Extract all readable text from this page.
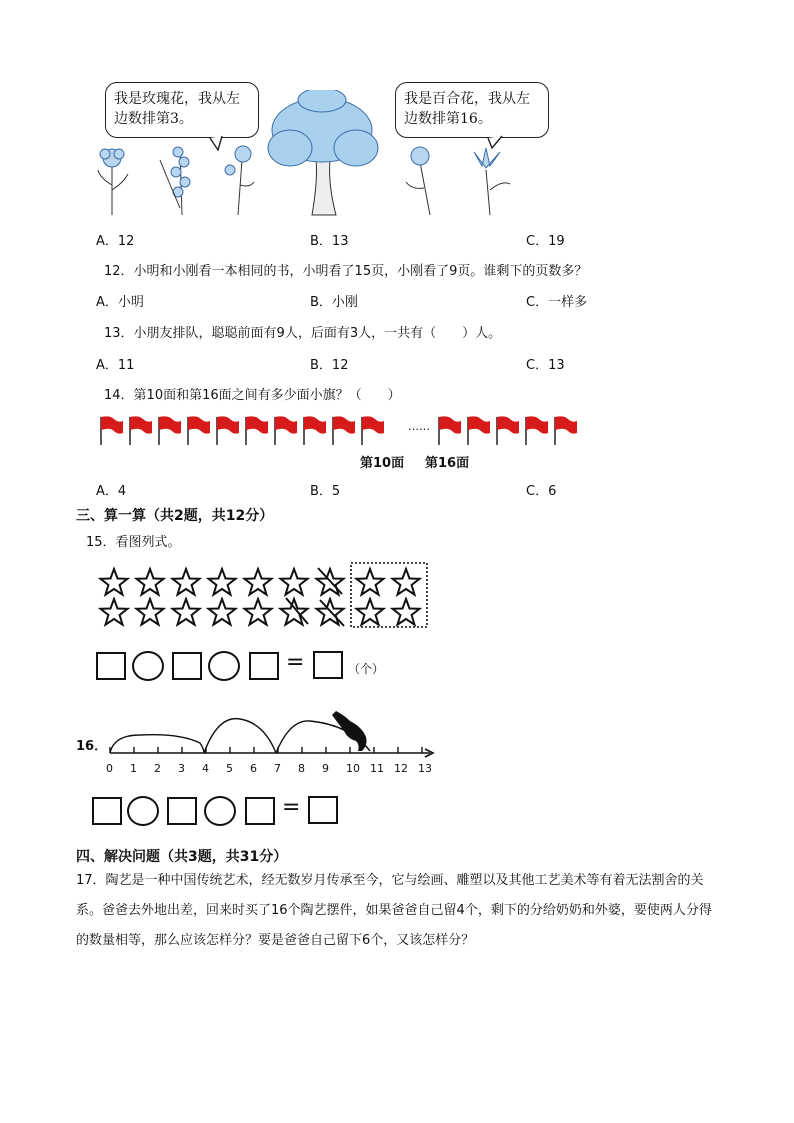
我是玫瑰花，我从左边数排第3。
我是百合花，我从左边数排第16。
A．12	B．13	C．19
12．小明和小刚看一本相同的书，小明看了15页，小刚看了9页。谁剩下的页数多？
A．小明	B．小刚	C．一样多
13．小朋友排队，聪聪前面有9人，后面有3人，一共有（　　）人。
A．11	B．12	C．13
14．第10面和第16面之间有多少面小旗？（　　）
……
第10面 第16面
A．4	B．5	C．6
三、算一算（共2题，共12分）
15．看图列式。
=	（个）
16．
0 1 2 3 4 5 6 7 8 9 10 11 12 13
=
四、解决问题（共3题，共31分）
17．陶艺是一种中国传统艺术，经无数岁月传承至今，它与绘画、雕塑以及其他工艺美术等有着无法割舍的关系。爸爸去外地出差，回来时买了16个陶艺摆件，如果爸爸自己留4个，剩下的分给奶奶和外婆，要使两人分得的数量相等，那么应该怎样分？要是爸爸自己留下6个，又该怎样分？
